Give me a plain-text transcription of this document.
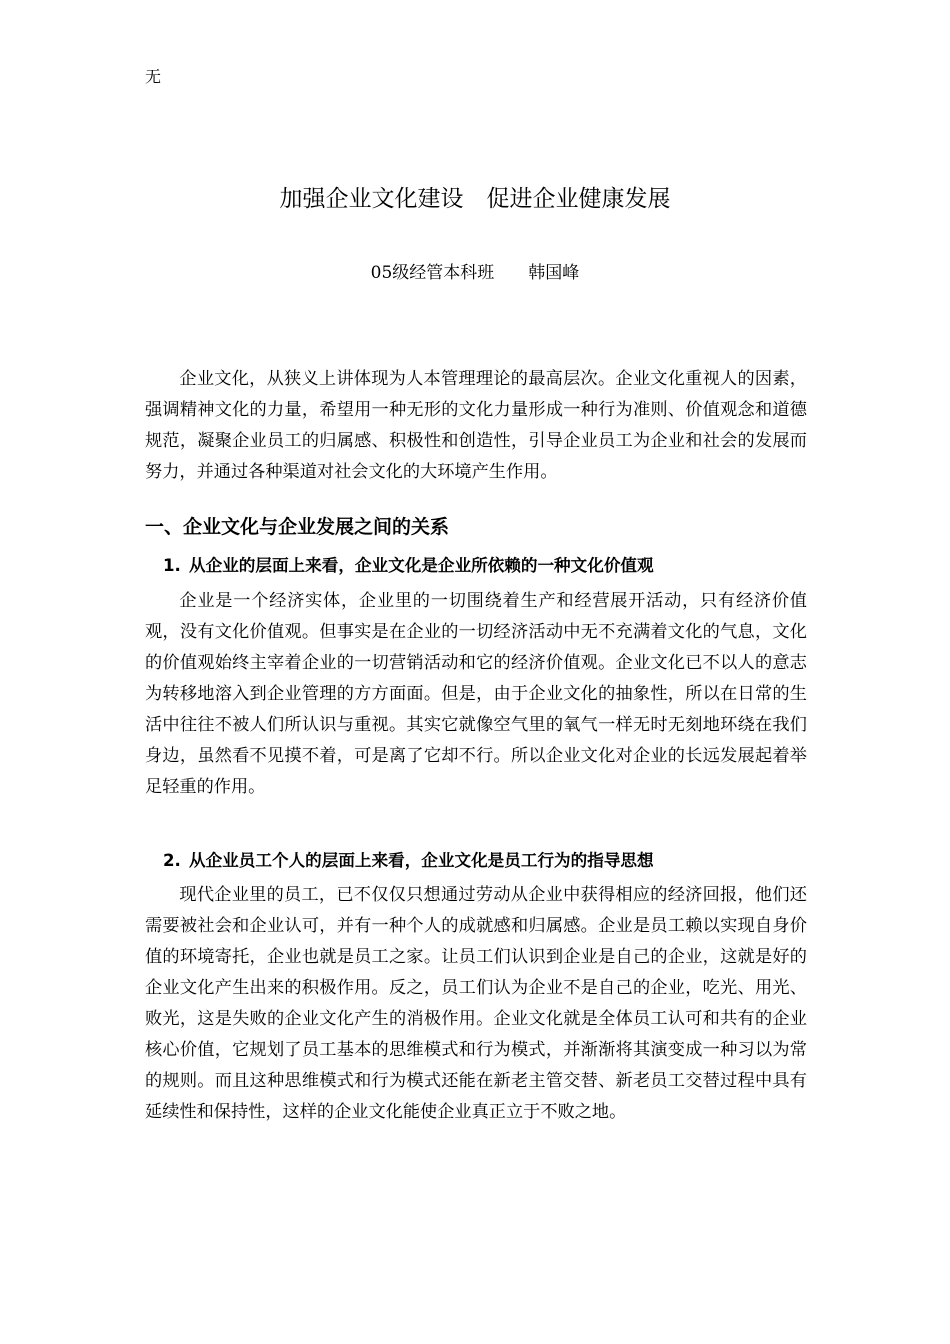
无
加强企业文化建设　促进企业健康发展
05级经管本科班　　韩国峰

企业文化，从狭义上讲体现为人本管理理论的最高层次。企业文化重视人的因素，强调精神文化的力量，希望用一种无形的文化力量形成一种行为准则、价值观念和道德规范，凝聚企业员工的归属感、积极性和创造性，引导企业员工为企业和社会的发展而努力，并通过各种渠道对社会文化的大环境产生作用。

一、企业文化与企业发展之间的关系
1. 从企业的层面上来看，企业文化是企业所依赖的一种文化价值观

企业是一个经济实体，企业里的一切围绕着生产和经营展开活动，只有经济价值观，没有文化价值观。但事实是在企业的一切经济活动中无不充满着文化的气息，文化的价值观始终主宰着企业的一切营销活动和它的经济价值观。企业文化已不以人的意志为转移地溶入到企业管理的方方面面。但是，由于企业文化的抽象性，所以在日常的生活中往往不被人们所认识与重视。其实它就像空气里的氧气一样无时无刻地环绕在我们身边，虽然看不见摸不着，可是离了它却不行。所以企业文化对企业的长远发展起着举足轻重的作用。

2. 从企业员工个人的层面上来看，企业文化是员工行为的指导思想

现代企业里的员工，已不仅仅只想通过劳动从企业中获得相应的经济回报，他们还需要被社会和企业认可，并有一种个人的成就感和归属感。企业是员工赖以实现自身价值的环境寄托，企业也就是员工之家。让员工们认识到企业是自己的企业，这就是好的企业文化产生出来的积极作用。反之，员工们认为企业不是自己的企业，吃光、用光、败光，这是失败的企业文化产生的消极作用。企业文化就是全体员工认可和共有的企业核心价值，它规划了员工基本的思维模式和行为模式，并渐渐将其演变成一种习以为常的规则。而且这种思维模式和行为模式还能在新老主管交替、新老员工交替过程中具有延续性和保持性，这样的企业文化能使企业真正立于不败之地。
